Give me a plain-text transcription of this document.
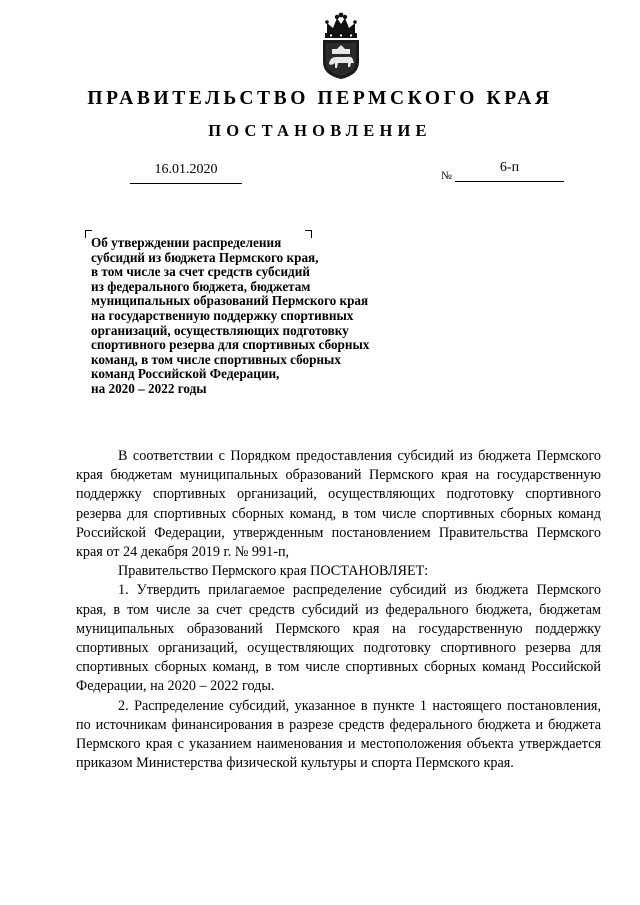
ПРАВИТЕЛЬСТВО ПЕРМСКОГО КРАЯ
ПОСТАНОВЛЕНИЕ
16.01.2020	№
6-п
Об утверждении распределения
субсидий из бюджета Пермского края,
в том числе за счет средств субсидий
из федерального бюджета, бюджетам
муниципальных образований Пермского края
на государственную поддержку спортивных
организаций, осуществляющих подготовку
спортивного резерва для спортивных сборных
команд, в том числе спортивных сборных
команд Российской Федерации,
на 2020 – 2022 годы

В соответствии с Порядком предоставления субсидий из бюджета Пермского края бюджетам муниципальных образований Пермского края на государственную поддержку спортивных организаций, осуществляющих подготовку спортивного резерва для спортивных сборных команд, в том числе спортивных сборных команд Российской Федерации, утвержденным постановлением Правительства Пермского края от 24 декабря 2019 г. № 991-п,

Правительство Пермского края ПОСТАНОВЛЯЕТ:

1. Утвердить прилагаемое распределение субсидий из бюджета Пермского края, в том числе за счет средств субсидий из федерального бюджета, бюджетам муниципальных образований Пермского края на государственную поддержку спортивных организаций, осуществляющих подготовку спортивного резерва для спортивных сборных команд, в том числе спортивных сборных команд Российской Федерации, на 2020 – 2022 годы.

2. Распределение субсидий, указанное в пункте 1 настоящего постановления, по источникам финансирования в разрезе средств федерального бюджета и бюджета Пермского края с указанием наименования и местоположения объекта утверждается приказом Министерства физической культуры и спорта Пермского края.
